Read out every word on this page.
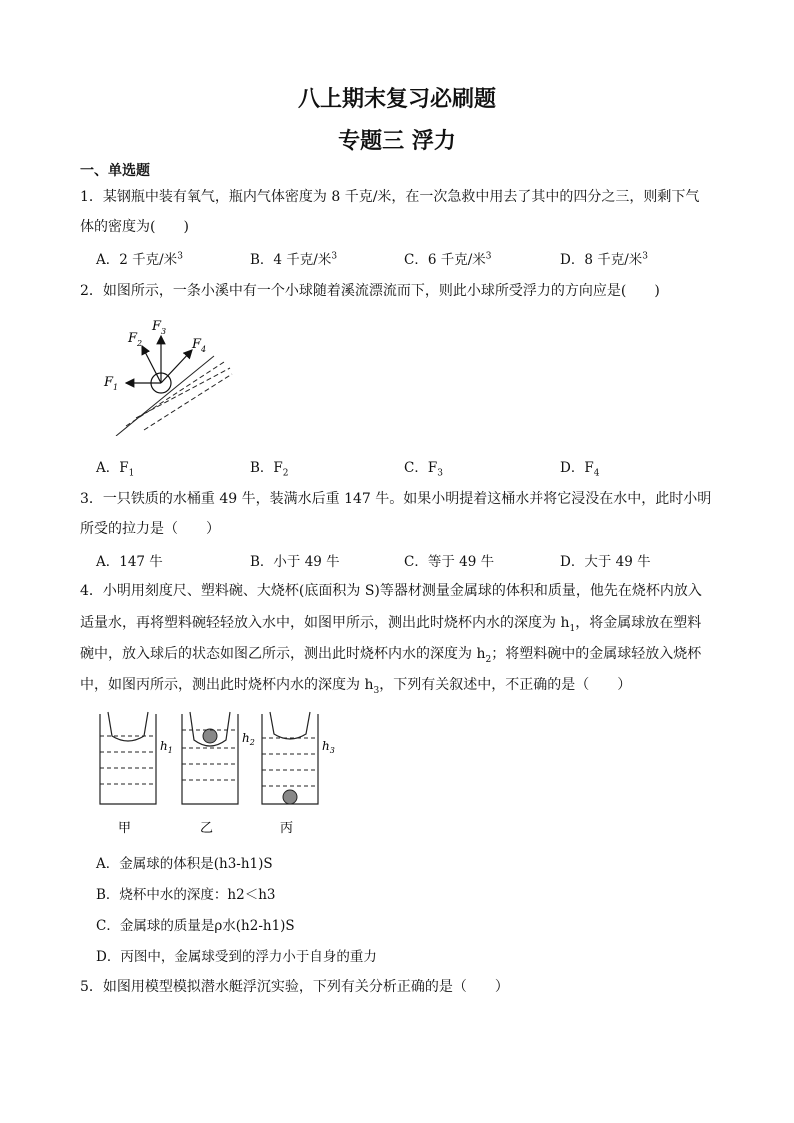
八上期末复习必刷题
专题三 浮力
一、单选题
1．某钢瓶中装有氧气，瓶内气体密度为 8 千克/米，在一次急救中用去了其中的四分之三，则剩下气
体的密度为(　　)
A．2 千克/米$^3$	B．4 千克/米$^3$	C．6 千克/米$^3$	D．8 千克/米$^3$
2．如图所示，一条小溪中有一个小球随着溪流漂流而下，则此小球所受浮力的方向应是(　　)
$F_1$
$F_2$
$F_3$
$F_4$
A．$F_1$	B．$F_2$	C．$F_3$	D．$F_4$
3．一只铁质的水桶重 49 牛，装满水后重 147 牛。如果小明提着这桶水并将它浸没在水中，此时小明
所受的拉力是（　　）
A．147 牛	B．小于 49 牛	C．等于 49 牛	D．大于 49 牛
4．小明用刻度尺、塑料碗、大烧杯(底面积为 S)等器材测量金属球的体积和质量，他先在烧杯内放入
适量水，再将塑料碗轻轻放入水中，如图甲所示，测出此时烧杯内水的深度为 $h_1$，将金属球放在塑料
碗中，放入球后的状态如图乙所示，测出此时烧杯内水的深度为 $h_2$；将塑料碗中的金属球轻放入烧杯
中，如图丙所示，测出此时烧杯内水的深度为 $h_3$，下列有关叙述中，不正确的是（　　）
$h_1$
甲
$h_2$
乙
$h_3$
丙
A．金属球的体积是(h3-h1)S
B．烧杯中水的深度：h2＜h3
C．金属球的质量是ρ水(h2-h1)S
D．丙图中，金属球受到的浮力小于自身的重力
5．如图用模型模拟潜水艇浮沉实验，下列有关分析正确的是（　　）
